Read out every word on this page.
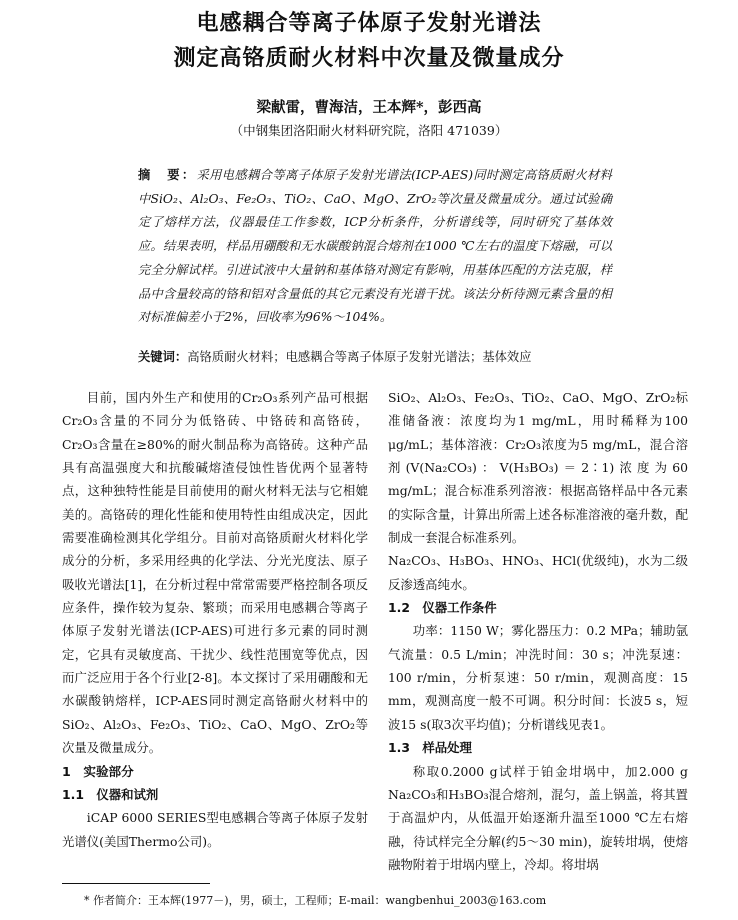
电感耦合等离子体原子发射光谱法
测定高铬质耐火材料中次量及微量成分
梁献雷，曹海洁，王本辉*，彭西高
（中钢集团洛阳耐火材料研究院，洛阳 471039）
摘　要：采用电感耦合等离子体原子发射光谱法(ICP-AES)同时测定高铬质耐火材料中SiO₂、Al₂O₃、Fe₂O₃、TiO₂、CaO、MgO、ZrO₂等次量及微量成分。通过试验确定了熔样方法，仪器最佳工作参数，ICP分析条件，分析谱线等，同时研究了基体效应。结果表明，样品用硼酸和无水碳酸钠混合熔剂在1000 ℃左右的温度下熔融，可以完全分解试样。引进试液中大量钠和基体铬对测定有影响，用基体匹配的方法克服，样品中含量较高的铬和铝对含量低的其它元素没有光谱干扰。该法分析待测元素含量的相对标准偏差小于2%，回收率为96%～104%。
关键词：高铬质耐火材料；电感耦合等离子体原子发射光谱法；基体效应

目前，国内外生产和使用的Cr₂O₃系列产品可根据Cr₂O₃含量的不同分为低铬砖、中铬砖和高铬砖，Cr₂O₃含量在≥80%的耐火制品称为高铬砖。这种产品具有高温强度大和抗酸碱熔渣侵蚀性皆优两个显著特点，这种独特性能是目前使用的耐火材料无法与它相媲美的。高铬砖的理化性能和使用特性由组成决定，因此需要准确检测其化学组分。目前对高铬质耐火材料化学成分的分析，多采用经典的化学法、分光光度法、原子吸收光谱法[1]，在分析过程中常常需要严格控制各项反应条件，操作较为复杂、繁琐；而采用电感耦合等离子体原子发射光谱法(ICP-AES)可进行多元素的同时测定，它具有灵敏度高、干扰少、线性范围宽等优点，因而广泛应用于各个行业[2-8]。本文探讨了采用硼酸和无水碳酸钠熔样，ICP-AES同时测定高铬耐火材料中的SiO₂、Al₂O₃、Fe₂O₃、TiO₂、CaO、MgO、ZrO₂等次量及微量成分。

1　实验部分
1.1　仪器和试剂

iCAP 6000 SERIES型电感耦合等离子体原子发射光谱仪(美国Thermo公司)。

SiO₂、Al₂O₃、Fe₂O₃、TiO₂、CaO、MgO、ZrO₂标准储备液：浓度均为1 mg/mL，用时稀释为100 μg/mL；基体溶液：Cr₂O₃浓度为5 mg/mL，混合溶剂(V(Na₂CO₃)：V(H₃BO₃)＝2∶1)浓度为60 mg/mL；混合标准系列溶液：根据高铬样品中各元素的实际含量，计算出所需上述各标准溶液的毫升数，配制成一套混合标准系列。

Na₂CO₃、H₃BO₃、HNO₃、HCl(优级纯)，水为二级反渗透高纯水。

1.2　仪器工作条件

功率：1150 W；雾化器压力：0.2 MPa；辅助氩气流量：0.5 L/min；冲洗时间：30 s；冲洗泵速：100 r/min，分析泵速：50 r/min，观测高度：15 mm，观测高度一般不可调。积分时间：长波5 s，短波15 s(取3次平均值)；分析谱线见表1。

1.3　样品处理

称取0.2000 g试样于铂金坩埚中，加2.000 g Na₂CO₃和H₃BO₃混合熔剂，混匀，盖上锅盖，将其置于高温炉内，从低温开始逐渐升温至1000 ℃左右熔融，待试样完全分解(约5～30 min)，旋转坩埚，使熔融物附着于坩埚内壁上，冷却。将坩埚

* 作者简介：王本辉(1977－)，男，硕士，工程师；E-mail：wangbenhui_2003@163.com
